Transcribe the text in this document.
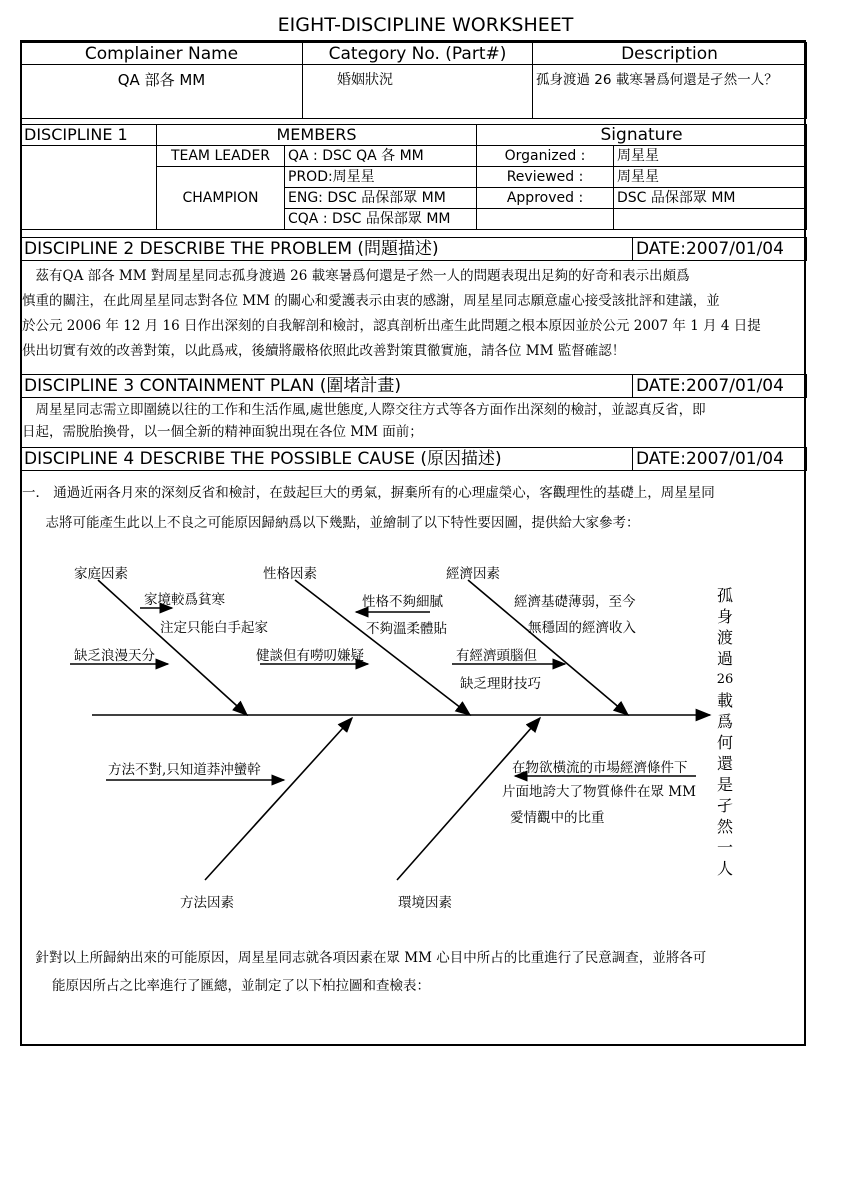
EIGHT-DISCIPLINE WORKSHEET
Complainer Name	Category No. (Part#)	Description
QA 部各 MM	婚姻狀況	孤身渡過 26 載寒暑爲何還是孑然一人？
DISCIPLINE 1	MEMBERS		Signature	
	TEAM LEADER	QA : DSC QA 各 MM	Organized :	周星星
	CHAMPION	PROD:周星星	Reviewed :	周星星
		ENG: DSC 品保部眾 MM	Approved :	DSC 品保部眾 MM
		CQA : DSC 品保部眾 MM		
DISCIPLINE 2 DESCRIBE THE PROBLEM (問題描述)	DATE:2007/01/04
　茲有QA 部各 MM 對周星星同志孤身渡過 26 載寒暑爲何還是孑然一人的問題表現出足夠的好奇和表示出頗爲
慎重的關注，在此周星星同志對各位 MM 的關心和愛護表示由衷的感謝，周星星同志願意虛心接受該批評和建議，並
於公元 2006 年 12 月 16 日作出深刻的自我解剖和檢討，認真剖析出產生此問題之根本原因並於公元 2007 年 1 月 4 日提
供出切實有效的改善對策，以此爲戒，後續將嚴格依照此改善對策貫徹實施，請各位 MM 監督確認！
DISCIPLINE 3 CONTAINMENT PLAN (圍堵計畫)	DATE:2007/01/04
　周星星同志需立即圍繞以往的工作和生活作風,處世態度,人際交往方式等各方面作出深刻的檢討，並認真反省，即
日起，需脫胎換骨，以一個全新的精神面貌出現在各位 MM 面前；
DISCIPLINE 4 DESCRIBE THE POSSIBLE CAUSE (原因描述)	DATE:2007/01/04
一． 通過近兩各月來的深刻反省和檢討，在鼓起巨大的勇氣，摒棄所有的心理虛榮心，客觀理性的基礎上，周星星同
　志將可能產生此以上不良之可能原因歸納爲以下幾點，並繪制了以下特性要因圖，提供給大家參考：
家庭因素	性格因素	經濟因素
方法因素	環境因素
家境較爲貧寒
注定只能白手起家
缺乏浪漫天分
性格不夠細膩
不夠溫柔體貼
健談但有嘮叨嫌疑
經濟基礎薄弱，至今
無穩固的經濟收入
有經濟頭腦但
缺乏理財技巧
方法不對,只知道莽沖蠻幹	在物欲橫流的市場經濟條件下
片面地誇大了物質條件在眾 MM
愛情觀中的比重
孤
身
渡
過
26
載
爲
何
還
是
孑
然
一
人
　針對以上所歸納出來的可能原因，周星星同志就各項因素在眾 MM 心目中所占的比重進行了民意調查，並將各可
能原因所占之比率進行了匯總，並制定了以下柏拉圖和查檢表：
